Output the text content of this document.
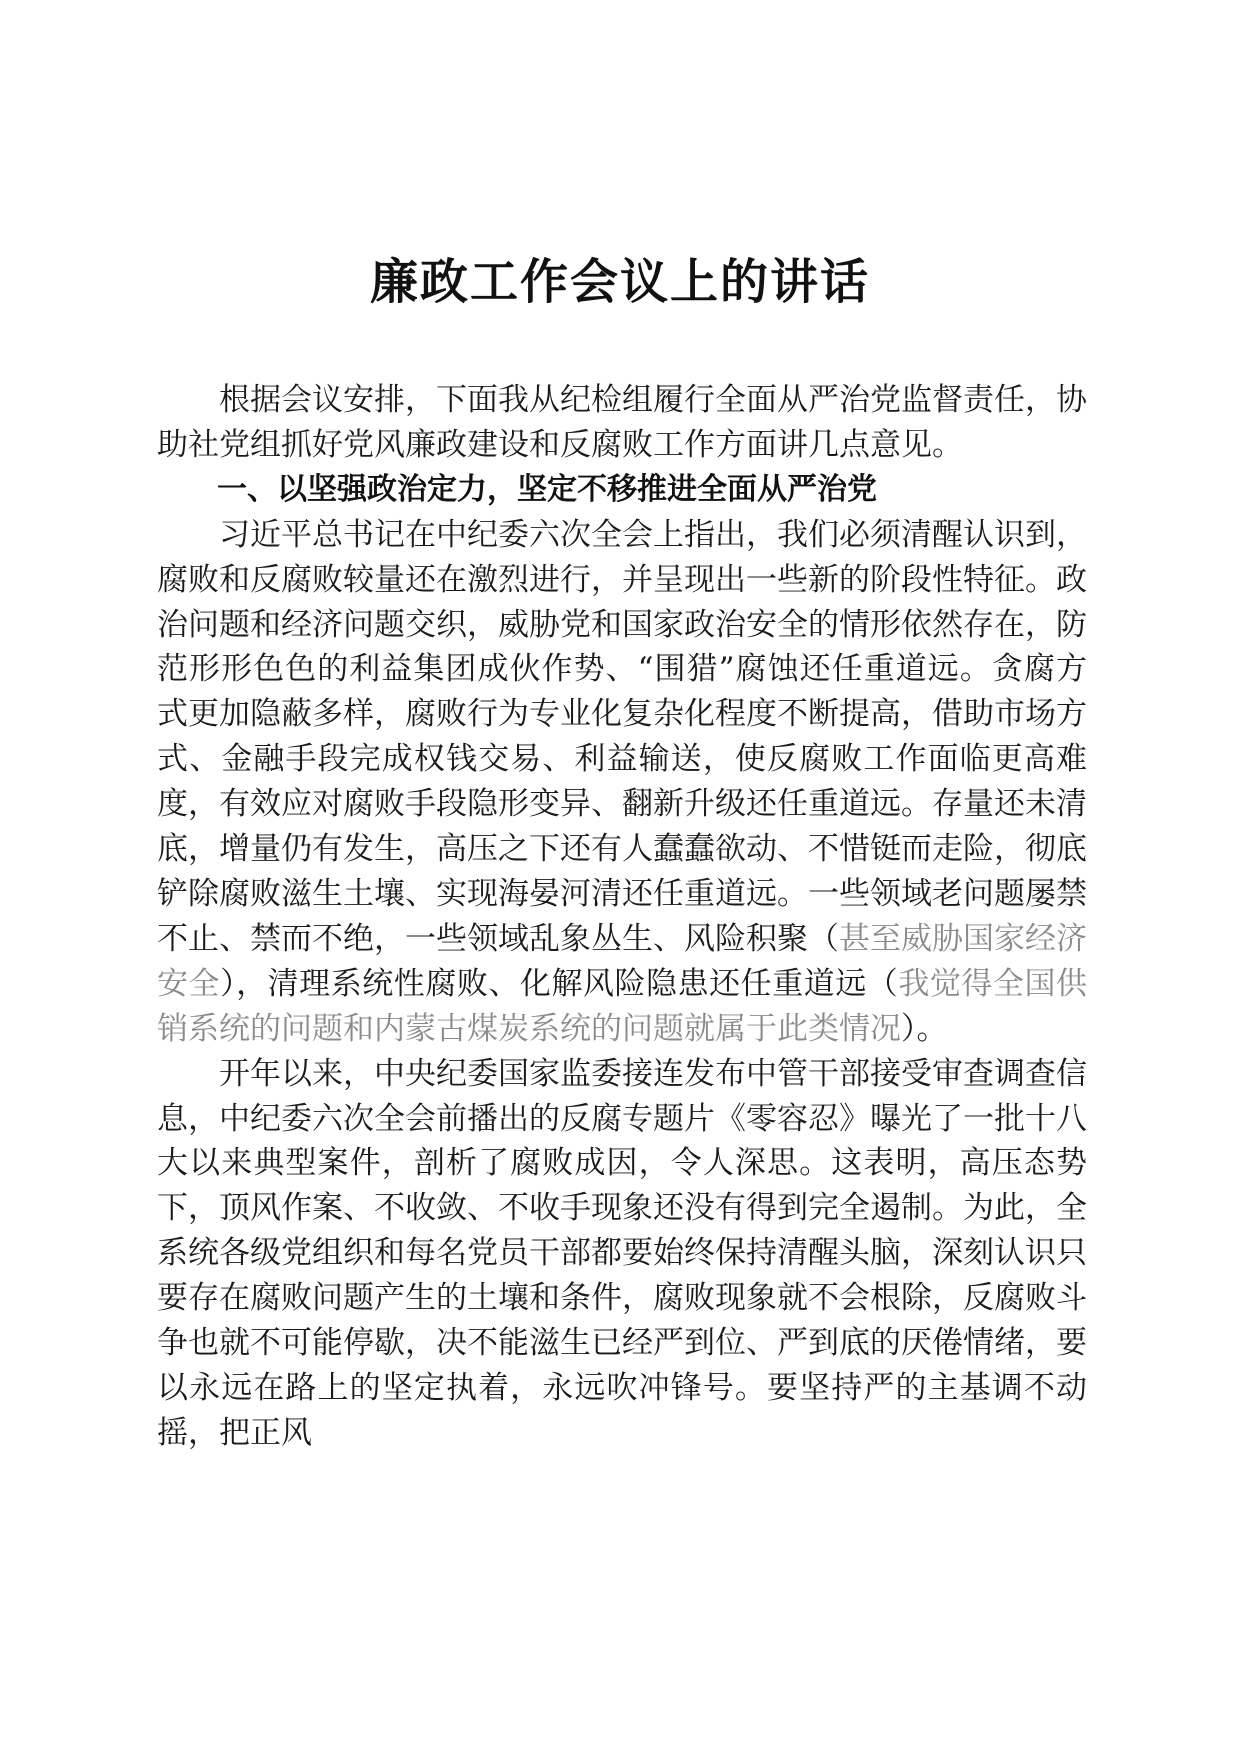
廉政工作会议上的讲话

根据会议安排，下面我从纪检组履行全面从严治党监督责任，协助社党组抓好党风廉政建设和反腐败工作方面讲几点意见。

一、以坚强政治定力，坚定不移推进全面从严治党

习近平总书记在中纪委六次全会上指出，我们必须清醒认识到，腐败和反腐败较量还在激烈进行，并呈现出一些新的阶段性特征。政治问题和经济问题交织，威胁党和国家政治安全的情形依然存在，防范形形色色的利益集团成伙作势、“围猎”腐蚀还任重道远。贪腐方式更加隐蔽多样，腐败行为专业化复杂化程度不断提高，借助市场方式、金融手段完成权钱交易、利益输送，使反腐败工作面临更高难度，有效应对腐败手段隐形变异、翻新升级还任重道远。存量还未清底，增量仍有发生，高压之下还有人蠢蠢欲动、不惜铤而走险，彻底铲除腐败滋生土壤、实现海晏河清还任重道远。一些领域老问题屡禁不止、禁而不绝，一些领域乱象丛生、风险积聚（甚至威胁国家经济安全），清理系统性腐败、化解风险隐患还任重道远（我觉得全国供销系统的问题和内蒙古煤炭系统的问题就属于此类情况）。

开年以来，中央纪委国家监委接连发布中管干部接受审查调查信息，中纪委六次全会前播出的反腐专题片《零容忍》曝光了一批十八大以来典型案件，剖析了腐败成因，令人深思。这表明，高压态势下，顶风作案、不收敛、不收手现象还没有得到完全遏制。为此，全系统各级党组织和每名党员干部都要始终保持清醒头脑，深刻认识只要存在腐败问题产生的土壤和条件，腐败现象就不会根除，反腐败斗争也就不可能停歇，决不能滋生已经严到位、严到底的厌倦情绪，要以永远在路上的坚定执着，永远吹冲锋号。要坚持严的主基调不动摇，把正风
